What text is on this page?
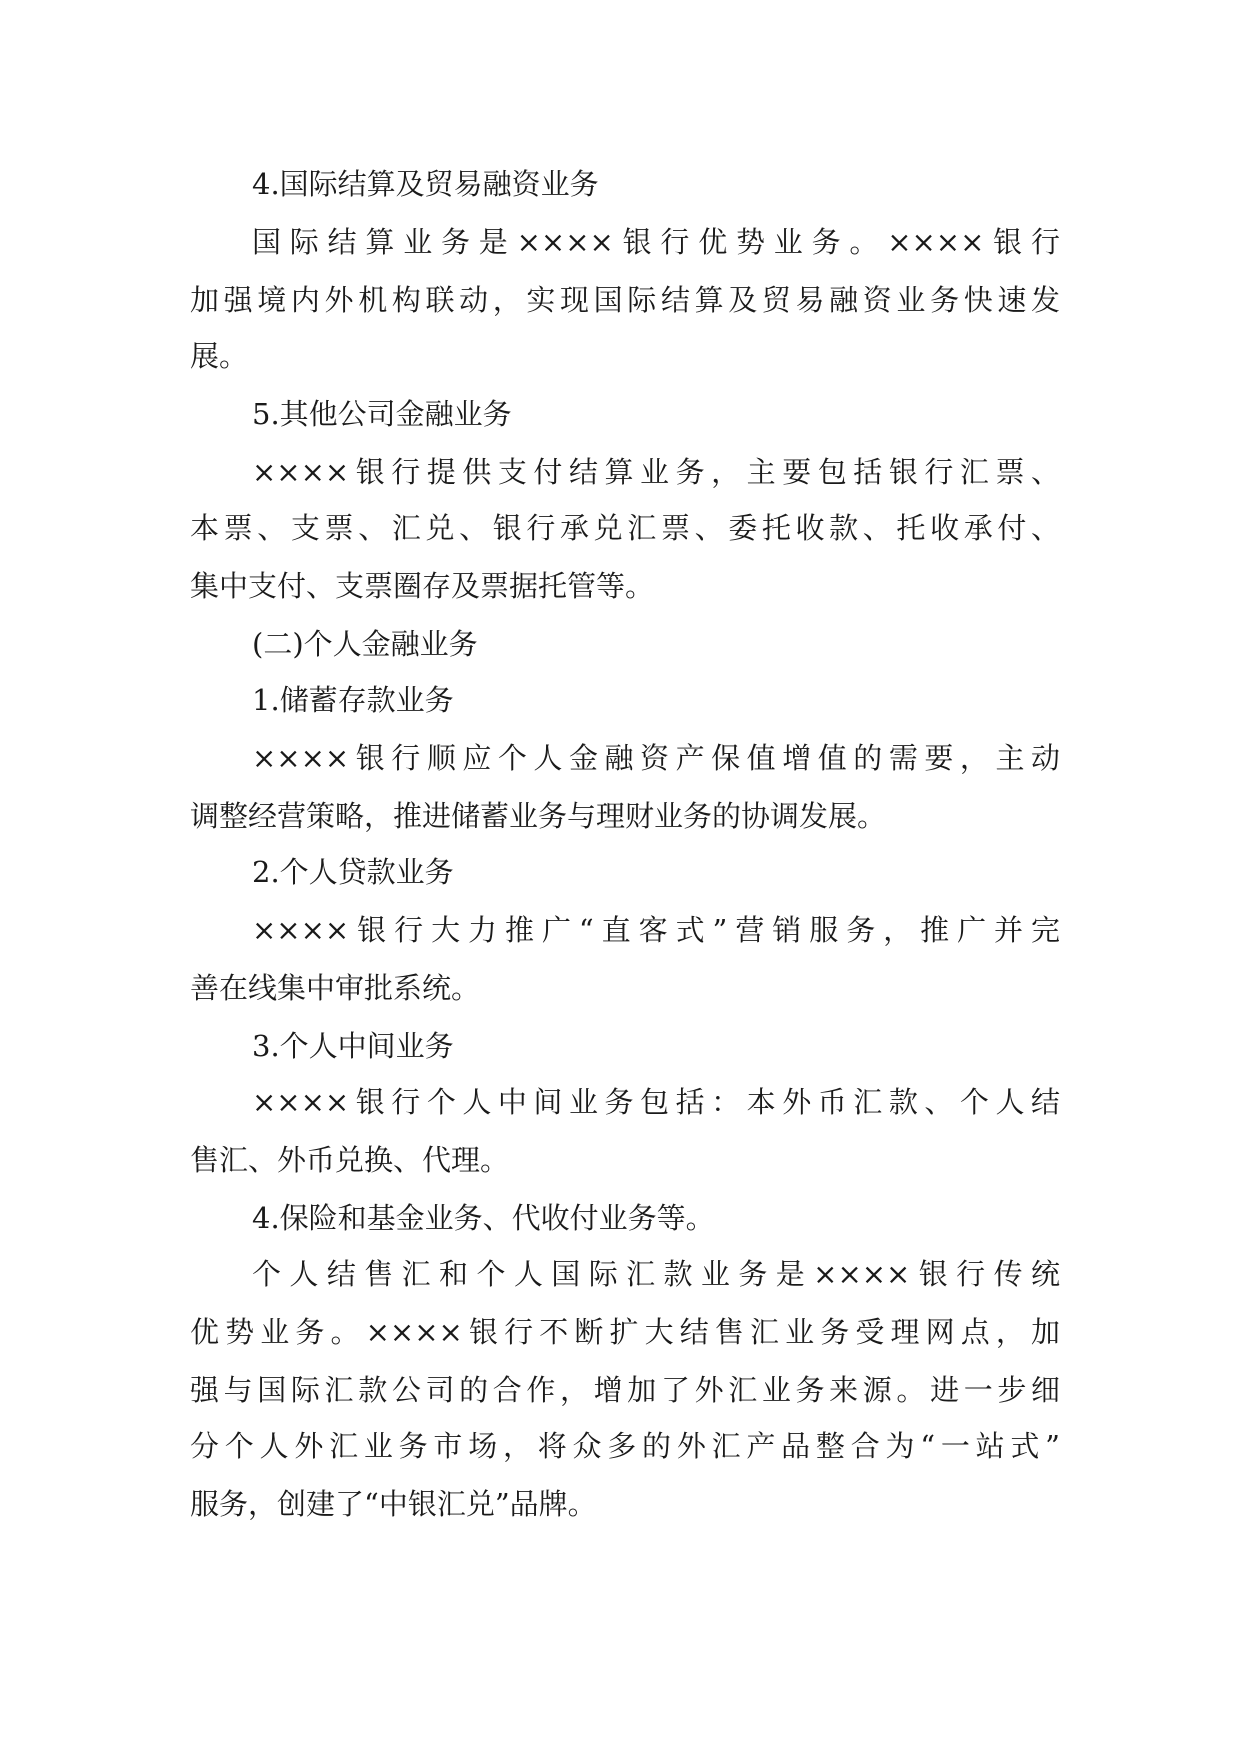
4.国际结算及贸易融资业务

国际结算业务是××××银行优势业务。××××银行

加强境内外机构联动，实现国际结算及贸易融资业务快速发

展。

5.其他公司金融业务

××××银行提供支付结算业务，主要包括银行汇票、

本票、支票、汇兑、银行承兑汇票、委托收款、托收承付、

集中支付、支票圈存及票据托管等。

(二)个人金融业务

1.储蓄存款业务

××××银行顺应个人金融资产保值增值的需要，主动

调整经营策略，推进储蓄业务与理财业务的协调发展。

2.个人贷款业务

××××银行大力推广“直客式”营销服务，推广并完

善在线集中审批系统。

3.个人中间业务

××××银行个人中间业务包括：本外币汇款、个人结

售汇、外币兑换、代理。

4.保险和基金业务、代收付业务等。

个人结售汇和个人国际汇款业务是××××银行传统

优势业务。××××银行不断扩大结售汇业务受理网点，加

强与国际汇款公司的合作，增加了外汇业务来源。进一步细

分个人外汇业务市场，将众多的外汇产品整合为“一站式”

服务，创建了“中银汇兑”品牌。
